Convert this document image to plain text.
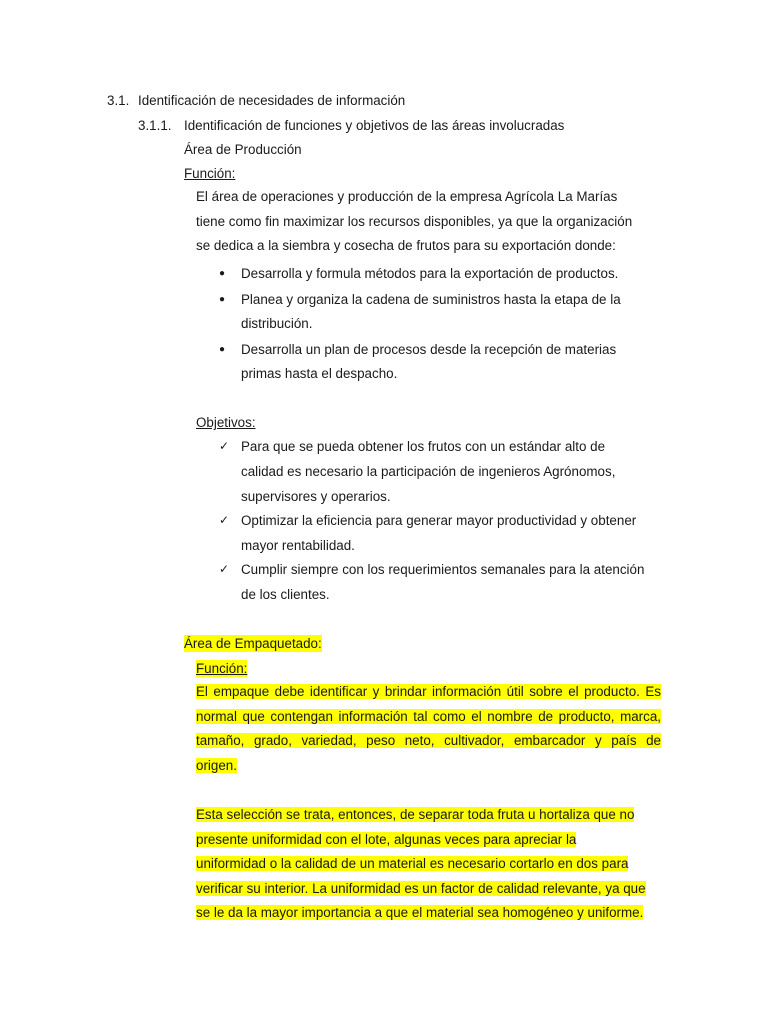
3.1. Identificación de necesidades de información
3.1.1. Identificación de funciones y objetivos de las áreas involucradas
Área de Producción
Función:
El área de operaciones y producción de la empresa Agrícola La Marías
tiene como fin maximizar los recursos disponibles, ya que la organización
se dedica a la siembra y cosecha de frutos para su exportación donde:
● Desarrolla y formula métodos para la exportación de productos.
● Planea y organiza la cadena de suministros hasta la etapa de la
distribución.
● Desarrolla un plan de procesos desde la recepción de materias
primas hasta el despacho.
Objetivos:
✓ Para que se pueda obtener los frutos con un estándar alto de
calidad es necesario la participación de ingenieros Agrónomos,
supervisores y operarios.
✓ Optimizar la eficiencia para generar mayor productividad y obtener
mayor rentabilidad.
✓ Cumplir siempre con los requerimientos semanales para la atención
de los clientes.
Área de Empaquetado:
Función:
El empaque debe identificar y brindar información útil sobre el producto. Es
normal que contengan información tal como el nombre de producto, marca,
tamaño, grado, variedad, peso neto, cultivador, embarcador y país de
origen.
Esta selección se trata, entonces, de separar toda fruta u hortaliza que no
presente uniformidad con el lote, algunas veces para apreciar la
uniformidad o la calidad de un material es necesario cortarlo en dos para
verificar su interior. La uniformidad es un factor de calidad relevante, ya que
se le da la mayor importancia a que el material sea homogéneo y uniforme.
